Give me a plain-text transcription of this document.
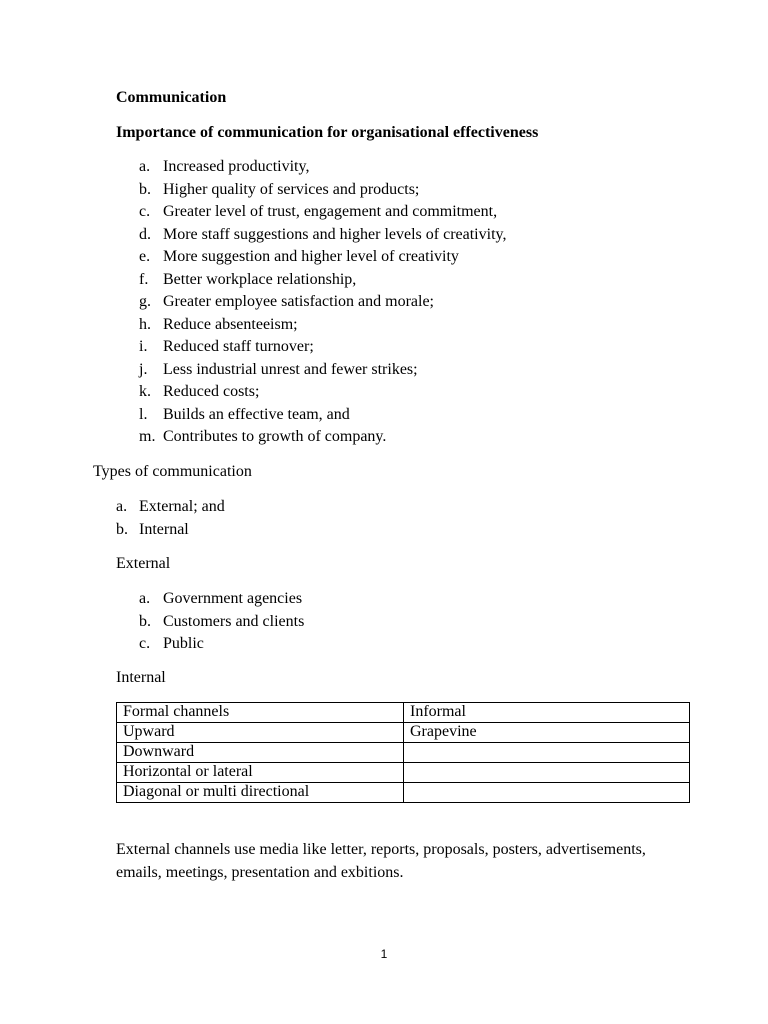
Communication
Importance of communication for organisational effectiveness
a. Increased productivity,
b. Higher quality of services and products;
c. Greater level of trust, engagement and commitment,
d. More staff suggestions and higher levels of creativity,
e. More suggestion and higher level of creativity
f. Better workplace relationship,
g. Greater employee satisfaction and morale;
h. Reduce absenteeism;
i. Reduced staff turnover;
j. Less industrial unrest and fewer strikes;
k. Reduced costs;
l. Builds an effective team, and
m. Contributes to growth of company.
Types of communication
a. External; and
b. Internal
External
a. Government agencies
b. Customers and clients
c. Public
Internal
Formal channels	Informal
Upward	Grapevine
Downward	
Horizontal or lateral	
Diagonal or multi directional	
External channels use media like letter, reports, proposals, posters, advertisements, emails, meetings, presentation and exbitions.
1
